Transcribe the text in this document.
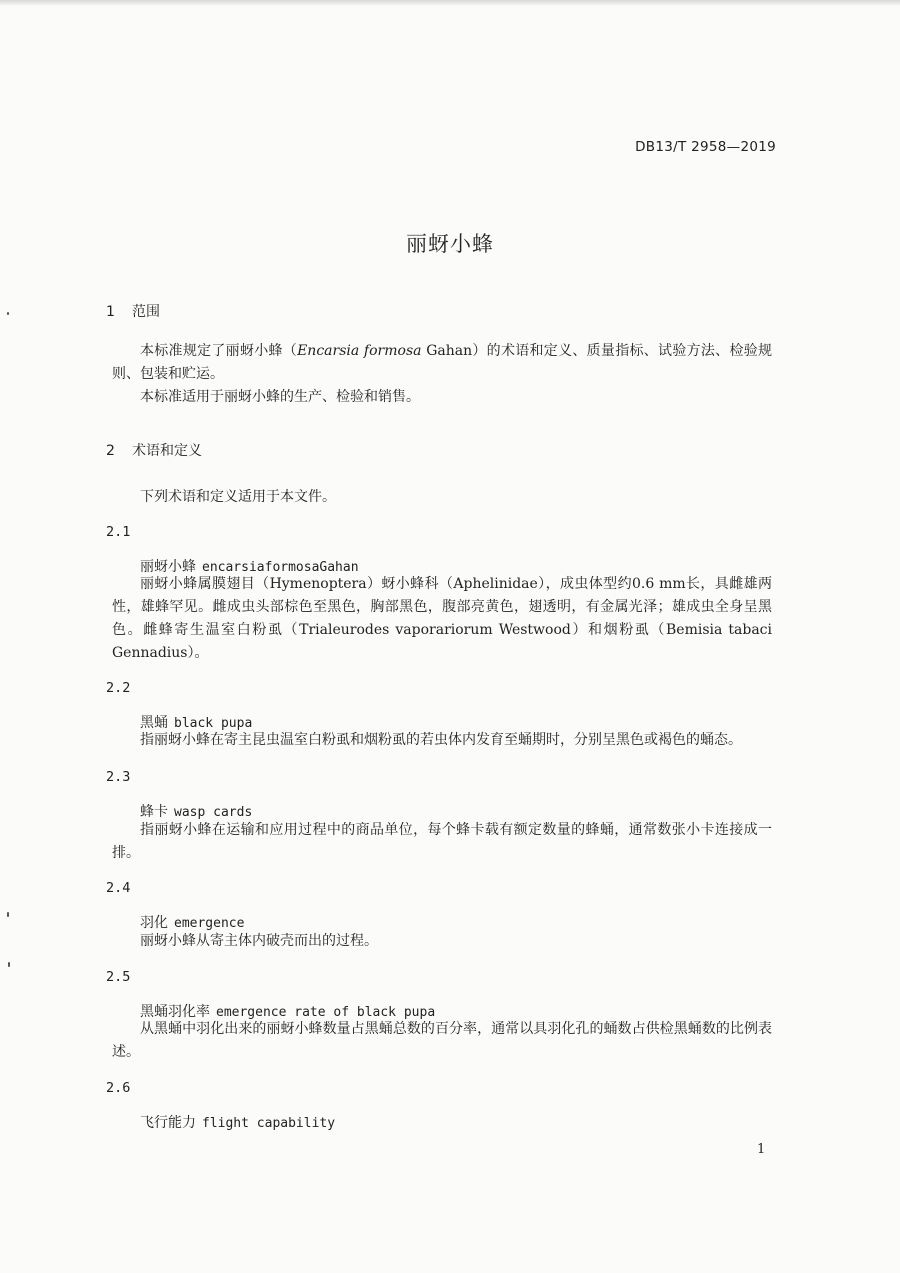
DB13/T 2958—2019
丽蚜小蜂
1 范围
本标准规定了丽蚜小蜂（Encarsia formosa Gahan）的术语和定义、质量指标、试验方法、检验规则、包装和贮运。
本标准适用于丽蚜小蜂的生产、检验和销售。
2 术语和定义
下列术语和定义适用于本文件。
2.1
丽蚜小蜂 encarsiaformosaGahan
丽蚜小蜂属膜翅目（Hymenoptera）蚜小蜂科（Aphelinidae），成虫体型约0.6 mm长，具雌雄两性，雄蜂罕见。雌成虫头部棕色至黑色，胸部黑色，腹部亮黄色，翅透明，有金属光泽；雄成虫全身呈黑色。雌蜂寄生温室白粉虱（Trialeurodes vaporariorum Westwood）和烟粉虱（Bemisia tabaci Gennadius）。
2.2
黑蛹 black pupa
指丽蚜小蜂在寄主昆虫温室白粉虱和烟粉虱的若虫体内发育至蛹期时，分别呈黑色或褐色的蛹态。
2.3
蜂卡 wasp cards
指丽蚜小蜂在运输和应用过程中的商品单位，每个蜂卡载有额定数量的蜂蛹，通常数张小卡连接成一排。
2.4
羽化 emergence
丽蚜小蜂从寄主体内破壳而出的过程。
2.5
黑蛹羽化率 emergence rate of black pupa
从黑蛹中羽化出来的丽蚜小蜂数量占黑蛹总数的百分率，通常以具羽化孔的蛹数占供检黑蛹数的比例表述。
2.6
飞行能力 flight capability
1
